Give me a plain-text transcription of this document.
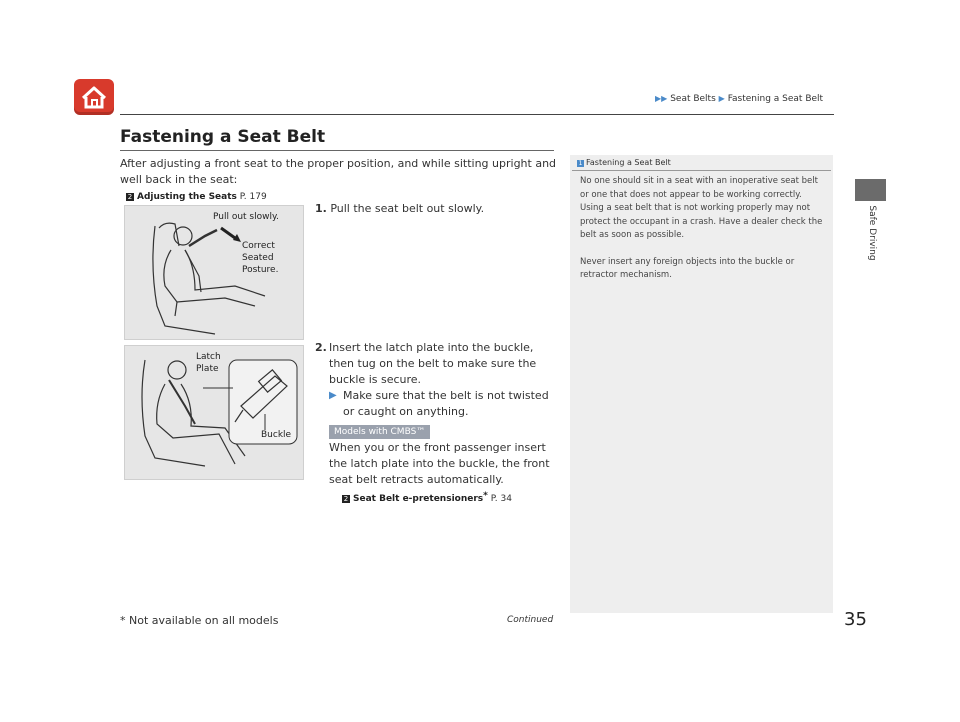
▶▶ Seat Belts ▶ Fastening a Seat Belt
Safe Driving
Fastening a Seat Belt
After adjusting a front seat to the proper position, and while sitting upright and well back in the seat:
2 Adjusting the Seats P. 179
Pull out slowly.
Correct
Seated
Posture.
Latch
Plate
Buckle
1. Pull the seat belt out slowly.
2. Insert the latch plate into the buckle, then tug on the belt to make sure the buckle is secure.
▶ Make sure that the belt is not twisted or caught on anything.
Models with CMBS™
When you or the front passenger insert the latch plate into the buckle, the front seat belt retracts automatically.
2 Seat Belt e-pretensioners* P. 34
1 Fastening a Seat Belt

No one should sit in a seat with an inoperative seat belt or one that does not appear to be working correctly. Using a seat belt that is not working properly may not protect the occupant in a crash. Have a dealer check the belt as soon as possible.

Never insert any foreign objects into the buckle or retractor mechanism.

* Not available on all models	Continued	35
